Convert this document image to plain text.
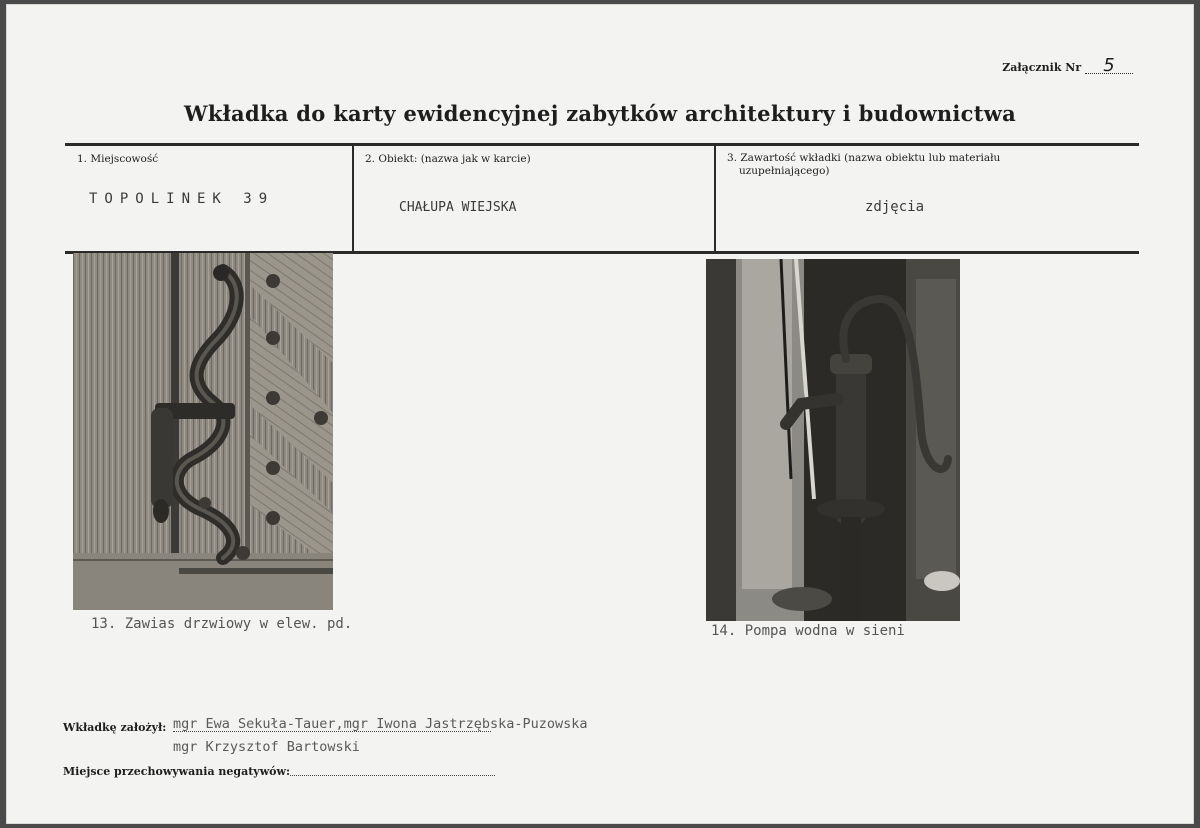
Załącznik Nr 5
Wkładka do karty ewidencyjnej zabytków architektury i budownictwa
1. Miejscowość
TOPOLINEK 39
2. Obiekt: (nazwa jak w karcie)
CHAŁUPA WIEJSKA
3. Zawartość wkładki (nazwa obiektu lub materiału
uzupełniającego)
zdjęcia
13. Zawias drzwiowy w elew. pd.	14. Pompa wodna w sieni
Wkładkę założył: mgr Ewa Sekuła-Tauer,mgr Iwona Jastrzębska-Puzowska
mgr Krzysztof Bartowski
Miejsce przechowywania negatywów:
